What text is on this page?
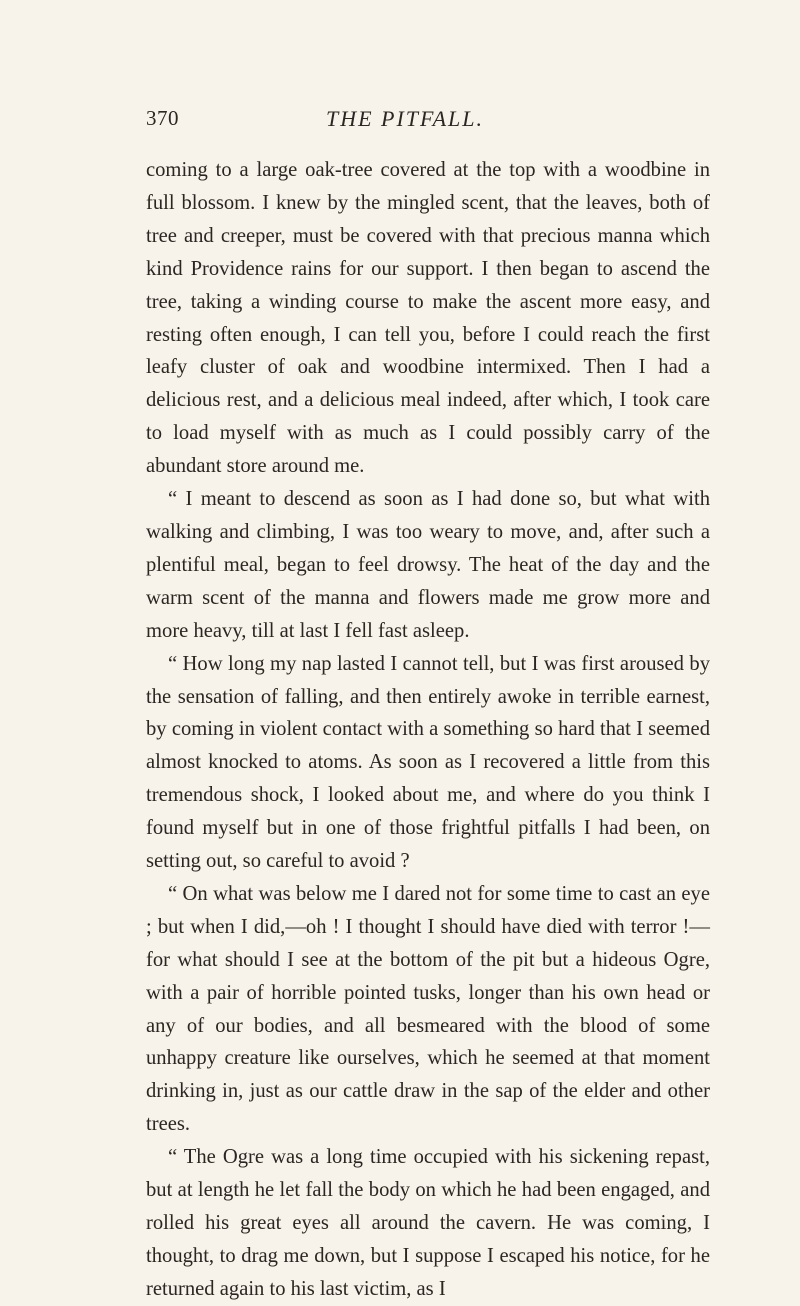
370	THE PITFALL.

coming to a large oak-tree covered at the top with a woodbine in full blossom. I knew by the mingled scent, that the leaves, both of tree and creeper, must be covered with that precious manna which kind Providence rains for our support. I then began to ascend the tree, taking a winding course to make the ascent more easy, and resting often enough, I can tell you, before I could reach the first leafy cluster of oak and woodbine intermixed. Then I had a delicious rest, and a delicious meal indeed, after which, I took care to load myself with as much as I could possibly carry of the abundant store around me.

“ I meant to descend as soon as I had done so, but what with walking and climbing, I was too weary to move, and, after such a plentiful meal, began to feel drowsy. The heat of the day and the warm scent of the manna and flowers made me grow more and more heavy, till at last I fell fast asleep.

“ How long my nap lasted I cannot tell, but I was first aroused by the sensation of falling, and then entirely awoke in terrible earnest, by coming in violent contact with a something so hard that I seemed almost knocked to atoms. As soon as I recovered a little from this tremendous shock, I looked about me, and where do you think I found myself but in one of those frightful pitfalls I had been, on setting out, so careful to avoid ?

“ On what was below me I dared not for some time to cast an eye ; but when I did,—oh ! I thought I should have died with terror !—for what should I see at the bottom of the pit but a hideous Ogre, with a pair of horrible pointed tusks, longer than his own head or any of our bodies, and all besmeared with the blood of some unhappy creature like ourselves, which he seemed at that moment drinking in, just as our cattle draw in the sap of the elder and other trees.

“ The Ogre was a long time occupied with his sickening repast, but at length he let fall the body on which he had been engaged, and rolled his great eyes all around the cavern. He was coming, I thought, to drag me down, but I suppose I escaped his notice, for he returned again to his last victim, as I
